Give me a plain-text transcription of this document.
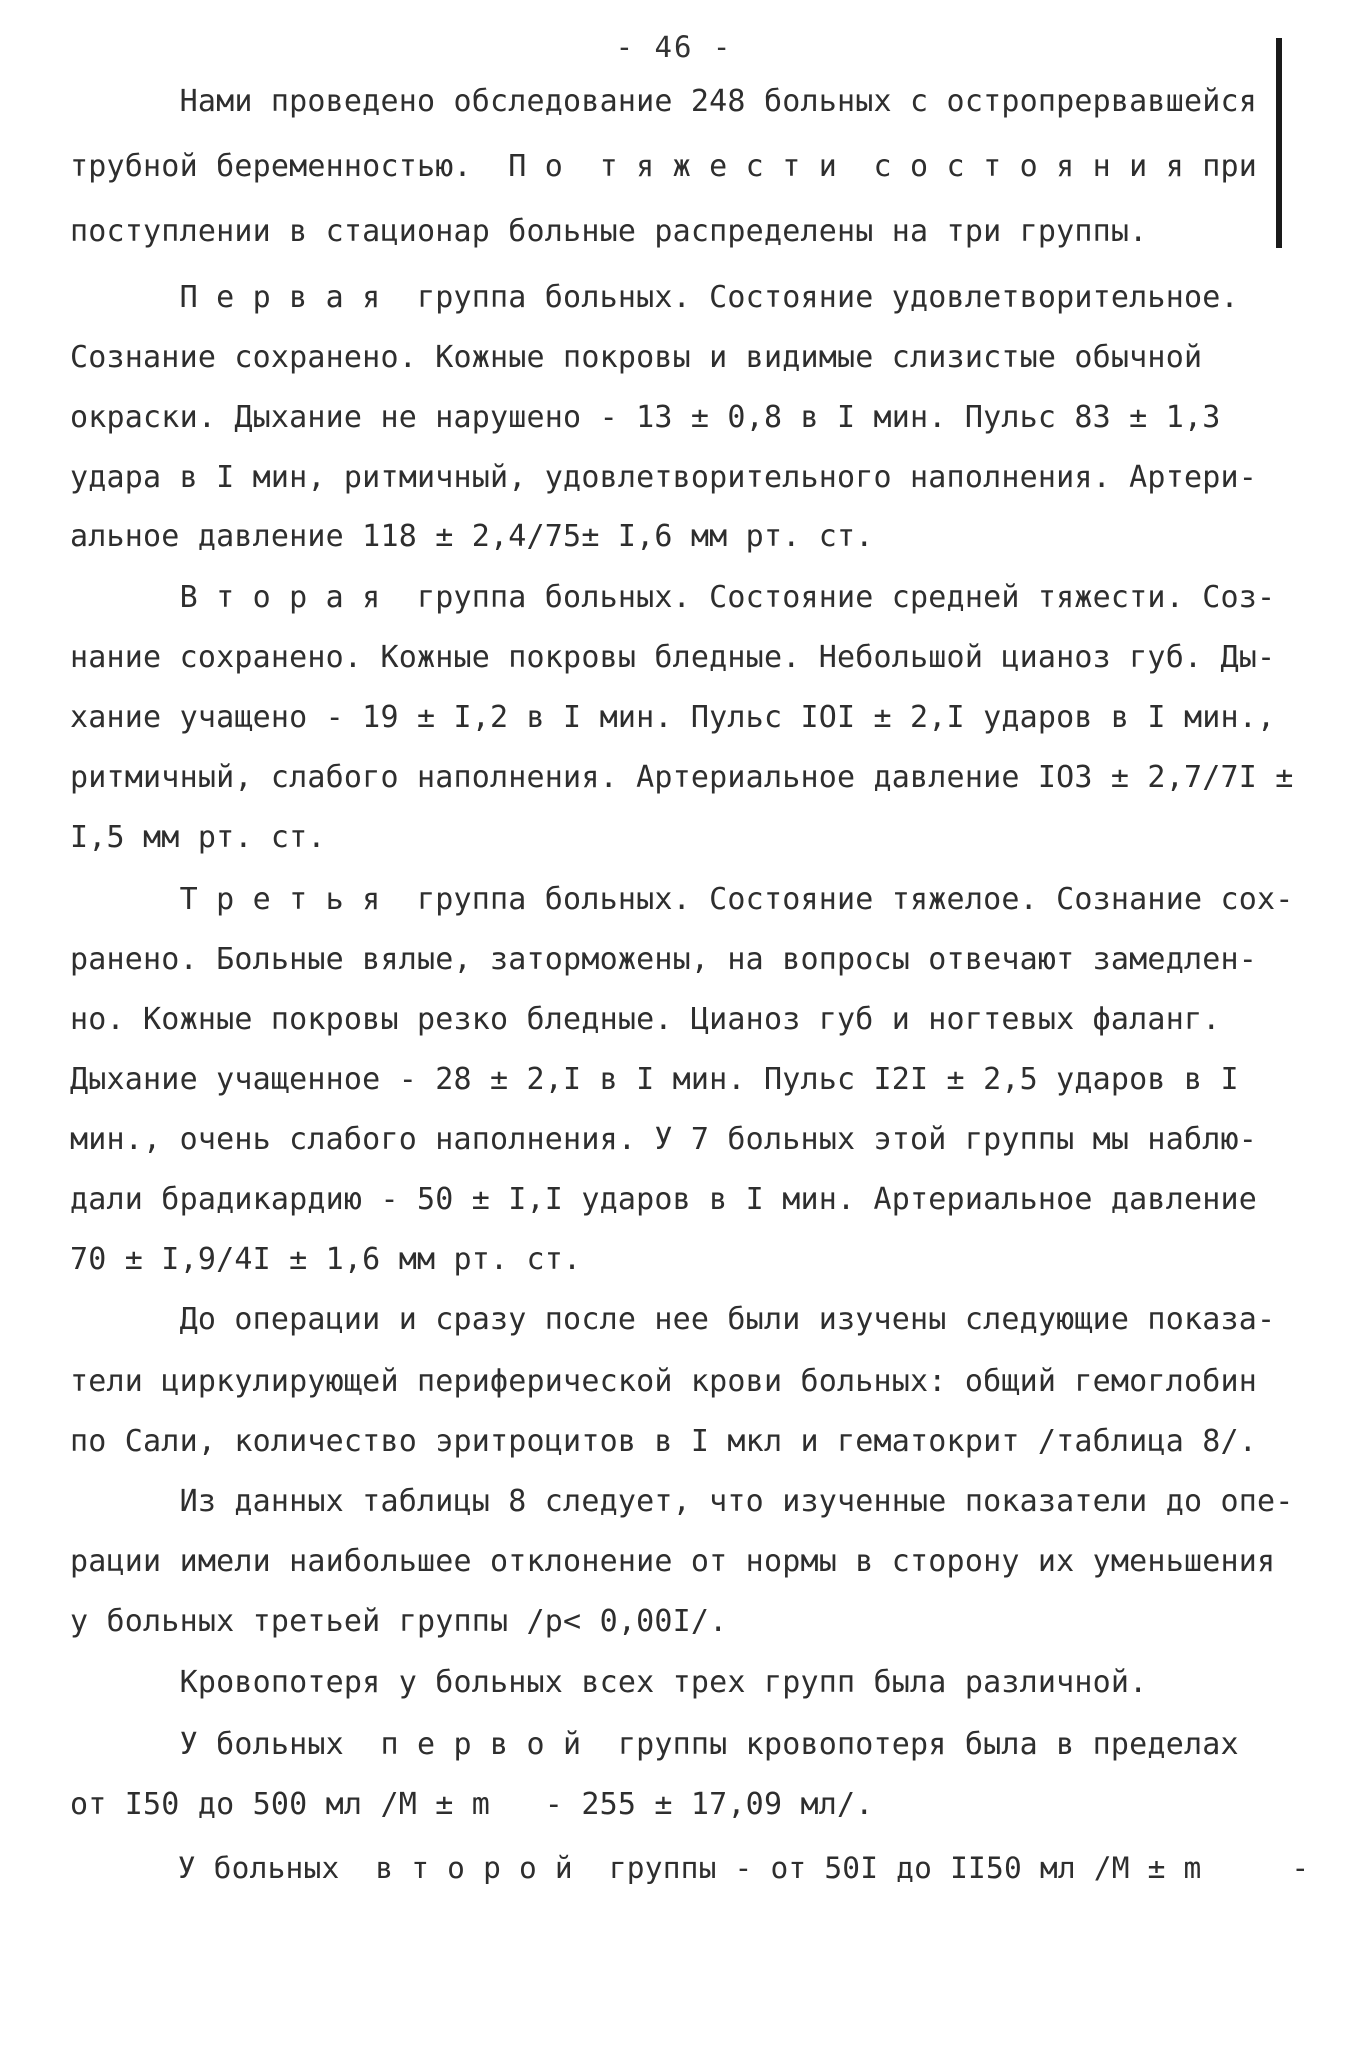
- 46 -
Нами проведено обследование 248 больных с остропрервавшейся
трубной беременностью.  П о  т я ж е с т и  с о с т о я н и я при
поступлении в стационар больные распределены на три группы.
П е р в а я  группа больных. Состояние удовлетворительное.
Сознание сохранено. Кожные покровы и видимые слизистые обычной
окраски. Дыхание не нарушено - 13 ± 0,8 в I мин. Пульс 83 ± 1,3
удара в I мин, ритмичный, удовлетворительного наполнения. Артери-
альное давление 118 ± 2,4/75± I,6 мм рт. ст.
В т о р а я  группа больных. Состояние средней тяжести. Соз-
нание сохранено. Кожные покровы бледные. Небольшой цианоз губ. Ды-
хание учащено - 19 ± I,2 в I мин. Пульс IOI ± 2,I ударов в I мин.,
ритмичный, слабого наполнения. Артериальное давление IO3 ± 2,7/7I ±
I,5 мм рт. ст.
Т р е т ь я  группа больных. Состояние тяжелое. Сознание сох-
ранено. Больные вялые, заторможены, на вопросы отвечают замедлен-
но. Кожные покровы резко бледные. Цианоз губ и ногтевых фаланг.
Дыхание учащенное - 28 ± 2,I в I мин. Пульс I2I ± 2,5 ударов в I
мин., очень слабого наполнения. У 7 больных этой группы мы наблю-
дали брадикардию - 50 ± I,I ударов в I мин. Артериальное давление
70 ± I,9/4I ± 1,6 мм рт. ст.
До операции и сразу после нее были изучены следующие показа-
тели циркулирующей периферической крови больных: общий гемоглобин
по Сали, количество эритроцитов в I мкл и гематокрит /таблица 8/.
Из данных таблицы 8 следует, что изученные показатели до опе-
рации имели наибольшее отклонение от нормы в сторону их уменьшения
у больных третьей группы /р< 0,00I/.
Кровопотеря у больных всех трех групп была различной.
У больных  п е р в о й  группы кровопотеря была в пределах
от I50 до 500 мл /М ± m   - 255 ± 17,09 мл/.
У больных  в т о р о й  группы - от 50I до II50 мл /М ± m     -
